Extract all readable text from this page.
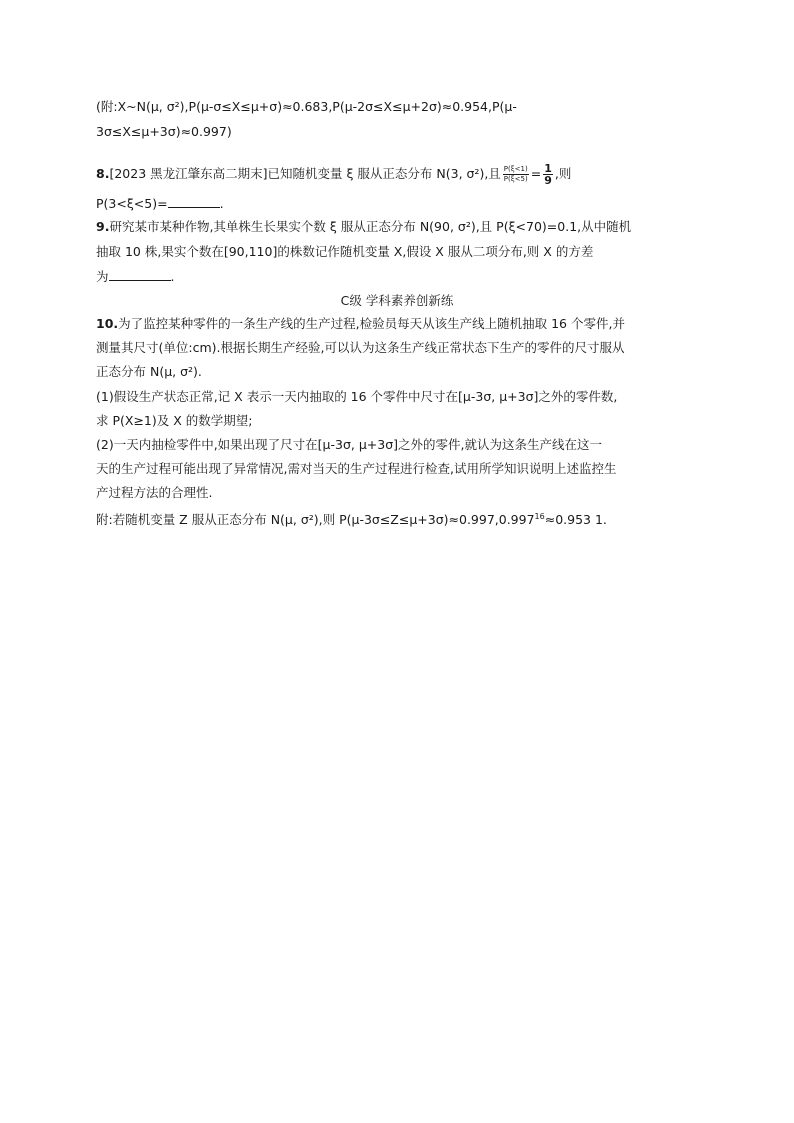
(附:X~N(μ, σ²),P(μ-σ≤X≤μ+σ)≈0.683,P(μ-2σ≤X≤μ+2σ)≈0.954,P(μ-
3σ≤X≤μ+3σ)≈0.997)
8.[2023 黑龙江肇东高二期末]已知随机变量 ξ 服从正态分布 N(3, σ²),且 $\frac{P(\xi<1)}{P(\xi<5)} = \frac{1}{9}$ ,则
P(3<ξ<5)=	.
9.研究某市某种作物,其单株生长果实个数 ξ 服从正态分布 N(90, σ²),且 P(ξ<70)=0.1,从中随机
抽取 10 株,果实个数在[90,110]的株数记作随机变量 X,假设 X 服从二项分布,则 X 的方差
为	.
C级 学科素养创新练
10.为了监控某种零件的一条生产线的生产过程,检验员每天从该生产线上随机抽取 16 个零件,并
测量其尺寸(单位:cm).根据长期生产经验,可以认为这条生产线正常状态下生产的零件的尺寸服从
正态分布 N(μ, σ²).
(1)假设生产状态正常,记 X 表示一天内抽取的 16 个零件中尺寸在[μ-3σ, μ+3σ]之外的零件数,
求 P(X≥1)及 X 的数学期望;
(2)一天内抽检零件中,如果出现了尺寸在[μ-3σ, μ+3σ]之外的零件,就认为这条生产线在这一
天的生产过程可能出现了异常情况,需对当天的生产过程进行检查,试用所学知识说明上述监控生
产过程方法的合理性.
附:若随机变量 Z 服从正态分布 N(μ, σ²),则 $P(\mu-3\sigma\le Z\le\mu+3\sigma)\approx 0.997,0.997^{16}\approx 0.953$ 1.
